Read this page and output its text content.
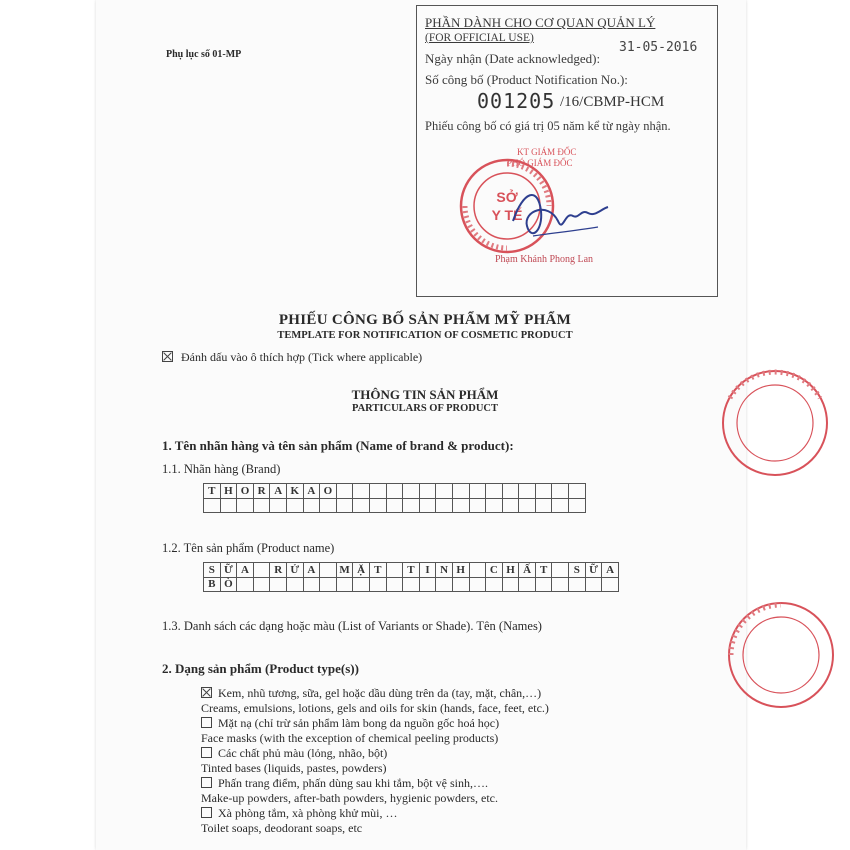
Phụ lục số 01-MP
PHẦN DÀNH CHO CƠ QUAN QUẢN LÝ
(FOR OFFICIAL USE)
31-05-2016
Ngày nhận (Date acknowledged):
Số công bố (Product Notification No.):
001205 /16/CBMP-HCM
Phiếu công bố có giá trị 05 năm kể từ ngày nhận.
KT GIÁM ĐỐC
PHÓ GIÁM ĐỐC
SỞ
Y TẾ
Phạm Khánh Phong Lan
PHIẾU CÔNG BỐ SẢN PHẨM MỸ PHẨM
TEMPLATE FOR NOTIFICATION OF COSMETIC PRODUCT
Đánh dấu vào ô thích hợp (Tick where applicable)
THÔNG TIN SẢN PHẨM
PARTICULARS OF PRODUCT
1. Tên nhãn hàng và tên sản phẩm (Name of brand & product):
1.1. Nhãn hàng (Brand)
T	H	O	R	A	K	A	O															

1.2. Tên sản phẩm (Product name)
S	Ữ	A		R	Ử	A		M	Ặ	T		T	I	N	H		C	H	Ấ	T		S	Ữ	A
B	Ò																							
1.3. Danh sách các dạng hoặc màu (List of Variants or Shade). Tên (Names)
2. Dạng sản phẩm (Product type(s))
Kem, nhũ tương, sữa, gel hoặc dầu dùng trên da (tay, mặt, chân,…)
Creams, emulsions, lotions, gels and oils for skin (hands, face, feet, etc.)
Mặt nạ (chỉ trừ sản phẩm làm bong da nguồn gốc hoá học)
Face masks (with the exception of chemical peeling products)
Các chất phủ màu (lỏng, nhão, bột)
Tinted bases (liquids, pastes, powders)
Phấn trang điểm, phấn dùng sau khi tắm, bột vệ sinh,….
Make-up powders, after-bath powders, hygienic powders, etc.
Xà phòng tắm, xà phòng khử mùi, …
Toilet soaps, deodorant soaps, etc
